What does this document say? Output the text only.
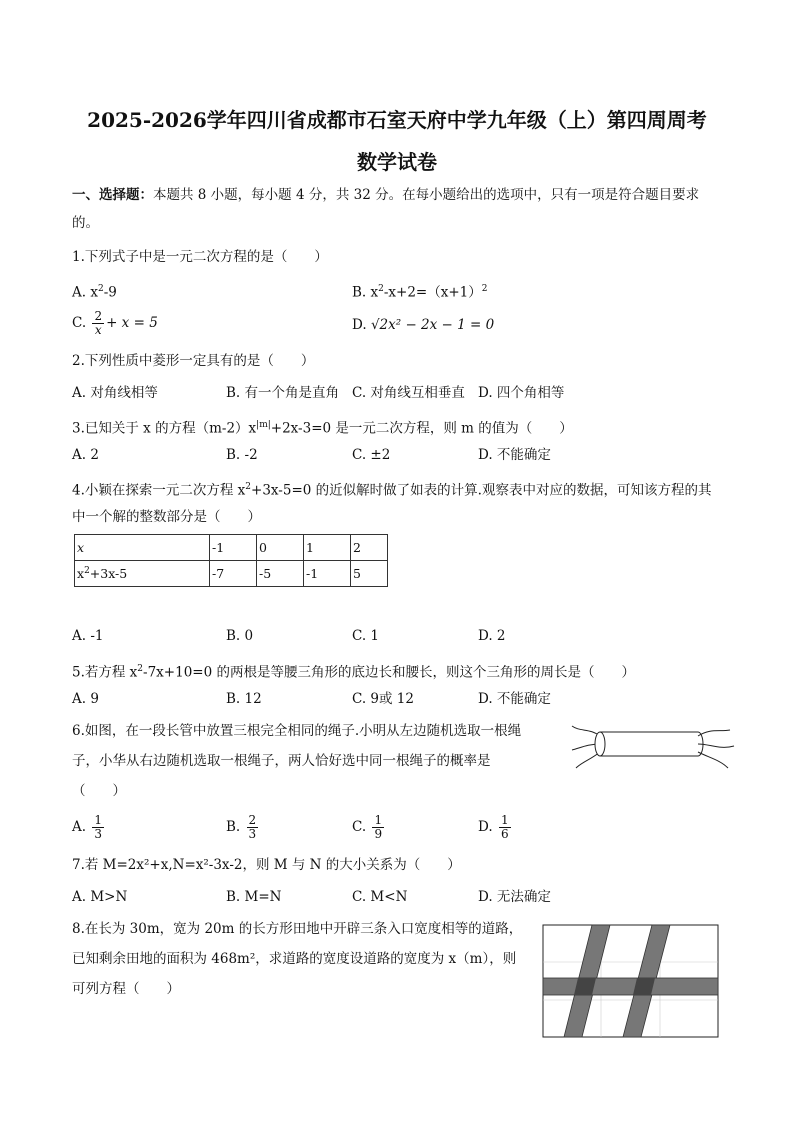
2025-2026学年四川省成都市石室天府中学九年级（上）第四周周考
数学试卷
一、选择题：本题共 8 小题，每小题 4 分，共 32 分。在每小题给出的选项中，只有一项是符合题目要求
的。
1.下列式子中是一元二次方程的是（　　）
A. $x^2-9$	B. $x^2-x+2=(x+1)^2$
C. $\frac{2}{x} + x = 5$	D. √2x² − 2x − 1 = 0
2.下列性质中菱形一定具有的是（　　）
A. 对角线相等	B. 有一个角是直角 C. 对角线互相垂直 D. 四个角相等
3.已知关于 x 的方程$(m-2)x^{|m|}+2x-3=0$ 是一元二次方程，则 m 的值为（　　）
A. 2	B. -2	C. ±2	D. 不能确定
4.小颖在探索一元二次方程 $x^2+3x-5=0$ 的近似解时做了如表的计算.观察表中对应的数据，可知该方程的其
中一个解的整数部分是（　　）
x	-1	0	1	2
$x^2+3x-5$	-7	-5	-1	5
A. -1	B. 0	C. 1	D. 2
5.若方程 $x^2-7x+10=0$ 的两根是等腰三角形的底边长和腰长，则这个三角形的周长是（　　）
A. 9	B. 12	C. 9或 12	D. 不能确定
6.如图，在一段长管中放置三根完全相同的绳子.小明从左边随机选取一根绳
子，小华从右边随机选取一根绳子，两人恰好选中同一根绳子的概率是
（　　）
A. $\frac{1}{3}$	B. $\frac{2}{3}$	C. $\frac{1}{9}$	D. $\frac{1}{6}$
7.若 M=2x²+x,N=x²-3x-2，则 M 与 N 的大小关系为（　　）
A. M>N	B. M=N	C. M<N	D. 无法确定
8.在长为 30m，宽为 20m 的长方形田地中开辟三条入口宽度相等的道路，
已知剩余田地的面积为 468m²，求道路的宽度设道路的宽度为 x（m），则
可列方程（　　）
